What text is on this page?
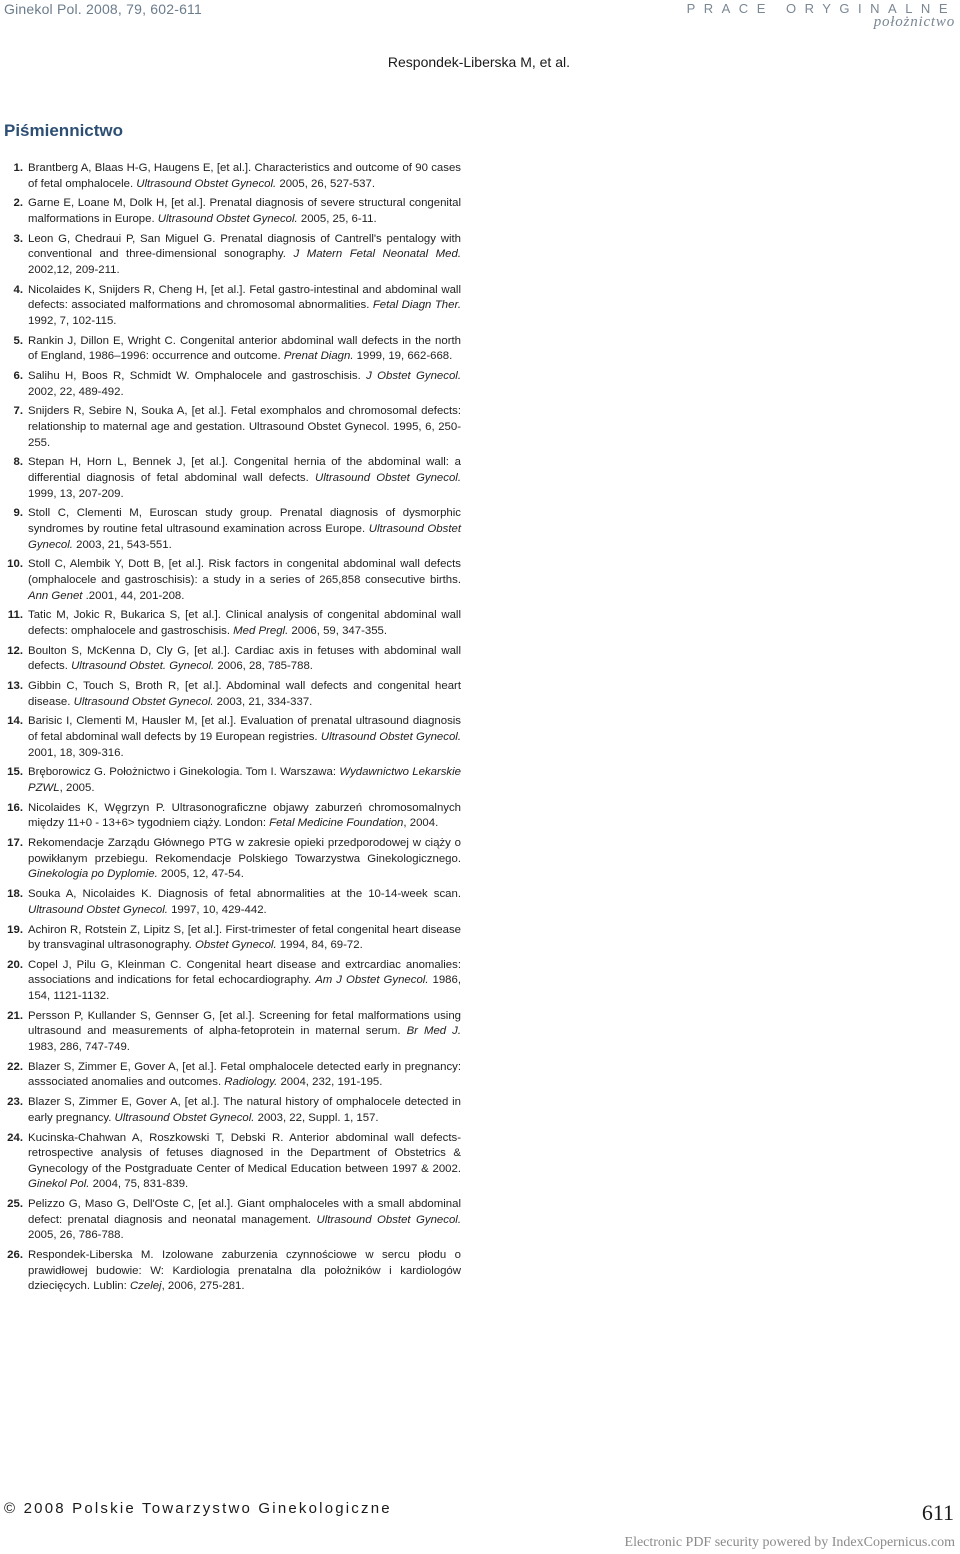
Ginekol Pol. 2008, 79, 602-611	PRACE ORYGINALNE
położnictwo
Respondek-Liberska M, et al.
Piśmiennictwo
1. Brantberg A, Blaas H-G, Haugens E, [et al.]. Characteristics and outcome of 90 cases of fetal omphalocele. Ultrasound Obstet Gynecol. 2005, 26, 527-537.
2. Garne E, Loane M, Dolk H, [et al.]. Prenatal diagnosis of severe structural congenital malformations in Europe. Ultrasound Obstet Gynecol. 2005, 25, 6-11.
3. Leon G, Chedraui P, San Miguel G. Prenatal diagnosis of Cantrell's pentalogy with conventional and three-dimensional sonography. J Matern Fetal Neonatal Med. 2002,12, 209-211.
4. Nicolaides K, Snijders R, Cheng H, [et al.]. Fetal gastro-intestinal and abdominal wall defects: associated malformations and chromosomal abnormalities. Fetal Diagn Ther. 1992, 7, 102-115.
5. Rankin J, Dillon E, Wright C. Congenital anterior abdominal wall defects in the north of England, 1986–1996: occurrence and outcome. Prenat Diagn. 1999, 19, 662-668.
6. Salihu H, Boos R, Schmidt W. Omphalocele and gastroschisis. J Obstet Gynecol. 2002, 22, 489-492.
7. Snijders R, Sebire N, Souka A, [et al.]. Fetal exomphalos and chromosomal defects: relationship to maternal age and gestation. Ultrasound Obstet Gynecol. 1995, 6, 250-255.
8. Stepan H, Horn L, Bennek J, [et al.]. Congenital hernia of the abdominal wall: a differential diagnosis of fetal abdominal wall defects. Ultrasound Obstet Gynecol. 1999, 13, 207-209.
9. Stoll C, Clementi M, Euroscan study group. Prenatal diagnosis of dysmorphic syndromes by routine fetal ultrasound examination across Europe. Ultrasound Obstet Gynecol. 2003, 21, 543-551.
10. Stoll C, Alembik Y, Dott B, [et al.]. Risk factors in congenital abdominal wall defects (omphalocele and gastroschisis): a study in a series of 265,858 consecutive births. Ann Genet .2001, 44, 201-208.
11. Tatic M, Jokic R, Bukarica S, [et al.]. Clinical analysis of congenital abdominal wall defects: omphalocele and gastroschisis. Med Pregl. 2006, 59, 347-355.
12. Boulton S, McKenna D, Cly G, [et al.]. Cardiac axis in fetuses with abdominal wall defects. Ultrasound Obstet. Gynecol. 2006, 28, 785-788.
13. Gibbin C, Touch S, Broth R, [et al.]. Abdominal wall defects and congenital heart disease. Ultrasound Obstet Gynecol. 2003, 21, 334-337.
14. Barisic I, Clementi M, Hausler M, [et al.]. Evaluation of prenatal ultrasound diagnosis of fetal abdominal wall defects by 19 European registries. Ultrasound Obstet Gynecol. 2001, 18, 309-316.
15. Bręborowicz G. Położnictwo i Ginekologia. Tom I. Warszawa: Wydawnictwo Lekarskie PZWL, 2005.
16. Nicolaides K, Węgrzyn P. Ultrasonograficzne objawy zaburzeń chromosomalnych między 11+0 - 13+6> tygodniem ciąży. London: Fetal Medicine Foundation, 2004.
17. Rekomendacje Zarządu Głównego PTG w zakresie opieki przedporodowej w ciąży o powikłanym przebiegu. Rekomendacje Polskiego Towarzystwa Ginekologicznego. Ginekologia po Dyplomie. 2005, 12, 47-54.
18. Souka A, Nicolaides K. Diagnosis of fetal abnormalities at the 10-14-week scan. Ultrasound Obstet Gynecol. 1997, 10, 429-442.
19. Achiron R, Rotstein Z, Lipitz S, [et al.]. First-trimester of fetal congenital heart disease by transvaginal ultrasonography. Obstet Gynecol. 1994, 84, 69-72.
20. Copel J, Pilu G, Kleinman C. Congenital heart disease and extrcardiac anomalies: associations and indications for fetal echocardiography. Am J Obstet Gynecol. 1986, 154, 1121-1132.
21. Persson P, Kullander S, Gennser G, [et al.]. Screening for fetal malformations using ultrasound and measurements of alpha-fetoprotein in maternal serum. Br Med J. 1983, 286, 747-749.
22. Blazer S, Zimmer E, Gover A, [et al.]. Fetal omphalocele detected early in pregnancy: asssociated anomalies and outcomes. Radiology. 2004, 232, 191-195.
23. Blazer S, Zimmer E, Gover A, [et al.]. The natural history of omphalocele detected in early pregnancy. Ultrasound Obstet Gynecol. 2003, 22, Suppl. 1, 157.
24. Kucinska-Chahwan A, Roszkowski T, Debski R. Anterior abdominal wall defects-retrospective analysis of fetuses diagnosed in the Department of Obstetrics & Gynecology of the Postgraduate Center of Medical Education between 1997 & 2002. Ginekol Pol. 2004, 75, 831-839.
25. Pelizzo G, Maso G, Dell'Oste C, [et al.]. Giant omphaloceles with a small abdominal defect: prenatal diagnosis and neonatal management. Ultrasound Obstet Gynecol. 2005, 26, 786-788.
26. Respondek-Liberska M. Izolowane zaburzenia czynnościowe w sercu płodu o prawidłowej budowie: W: Kardiologia prenatalna dla położników i kardiologów dziecięcych. Lublin: Czelej, 2006, 275-281.
© 2008 Polskie Towarzystwo Ginekologiczne	611
Electronic PDF security powered by IndexCopernicus.com
